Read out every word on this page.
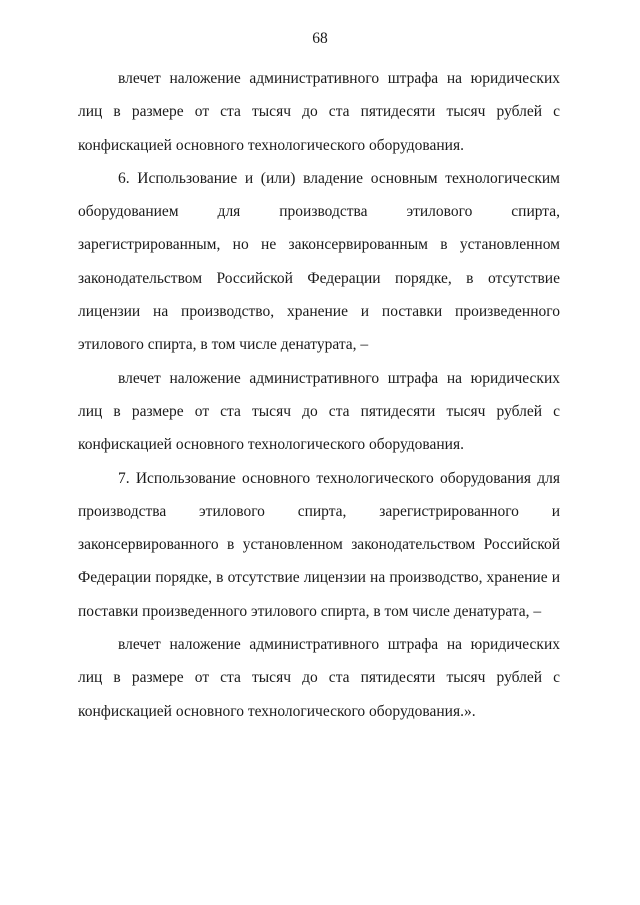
68

влечет наложение административного штрафа на юридических лиц в размере от ста тысяч до ста пятидесяти тысяч рублей с конфискацией основного технологического оборудования.

6. Использование и (или) владение основным технологическим оборудованием для производства этилового спирта, зарегистрированным, но не законсервированным в установленном законодательством Российской Федерации порядке, в отсутствие лицензии на производство, хранение и поставки произведенного этилового спирта, в том числе денатурата, –

влечет наложение административного штрафа на юридических лиц в размере от ста тысяч до ста пятидесяти тысяч рублей с конфискацией основного технологического оборудования.

7. Использование основного технологического оборудования для производства этилового спирта, зарегистрированного и законсервированного в установленном законодательством Российской Федерации порядке, в отсутствие лицензии на производство, хранение и поставки произведенного этилового спирта, в том числе денатурата, –

влечет наложение административного штрафа на юридических лиц в размере от ста тысяч до ста пятидесяти тысяч рублей с конфискацией основного технологического оборудования.».
